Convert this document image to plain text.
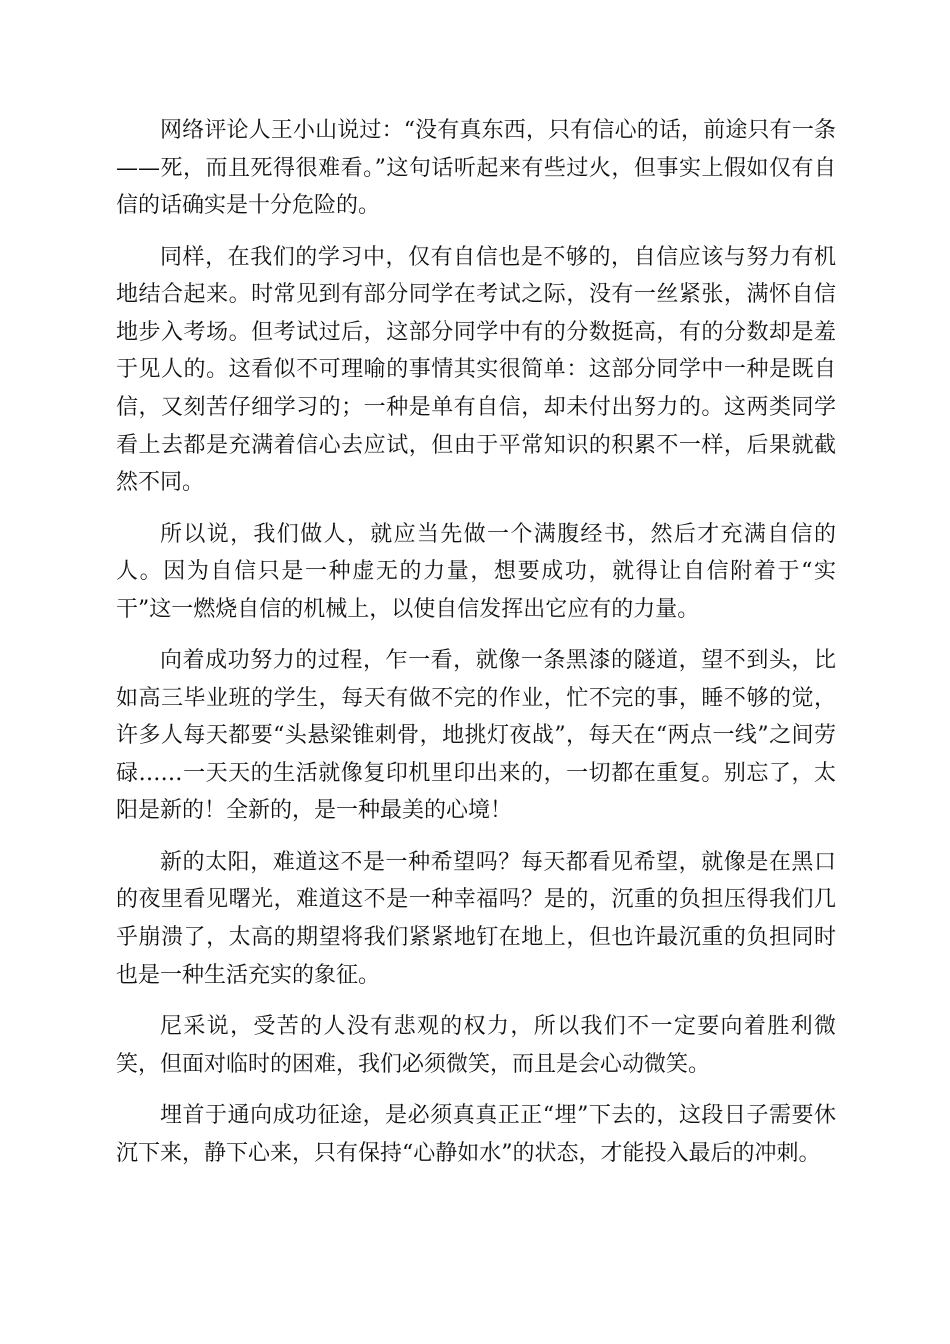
网络评论人王小山说过：“没有真东西，只有信心的话，前途只有一条——死，而且死得很难看。”这句话听起来有些过火，但事实上假如仅有自信的话确实是十分危险的。

同样，在我们的学习中，仅有自信也是不够的，自信应该与努力有机地结合起来。时常见到有部分同学在考试之际，没有一丝紧张，满怀自信地步入考场。但考试过后，这部分同学中有的分数挺高，有的分数却是羞于见人的。这看似不可理喻的事情其实很简单：这部分同学中一种是既自信，又刻苦仔细学习的；一种是单有自信，却未付出努力的。这两类同学看上去都是充满着信心去应试，但由于平常知识的积累不一样，后果就截然不同。

所以说，我们做人，就应当先做一个满腹经书，然后才充满自信的人。因为自信只是一种虚无的力量，想要成功，就得让自信附着于“实干”这一燃烧自信的机械上，以使自信发挥出它应有的力量。

向着成功努力的过程，乍一看，就像一条黑漆的隧道，望不到头，比如高三毕业班的学生，每天有做不完的作业，忙不完的事，睡不够的觉，许多人每天都要“头悬梁锥刺骨，地挑灯夜战”，每天在“两点一线”之间劳碌……一天天的生活就像复印机里印出来的，一切都在重复。别忘了，太阳是新的！全新的，是一种最美的心境！

新的太阳，难道这不是一种希望吗？每天都看见希望，就像是在黑口的夜里看见曙光，难道这不是一种幸福吗？是的，沉重的负担压得我们几乎崩溃了，太高的期望将我们紧紧地钉在地上，但也许最沉重的负担同时也是一种生活充实的象征。

尼采说，受苦的人没有悲观的权力，所以我们不一定要向着胜利微笑，但面对临时的困难，我们必须微笑，而且是会心动微笑。

埋首于通向成功征途，是必须真真正正“埋”下去的，这段日子需要休沉下来，静下心来，只有保持“心静如水”的状态，才能投入最后的冲刺。
